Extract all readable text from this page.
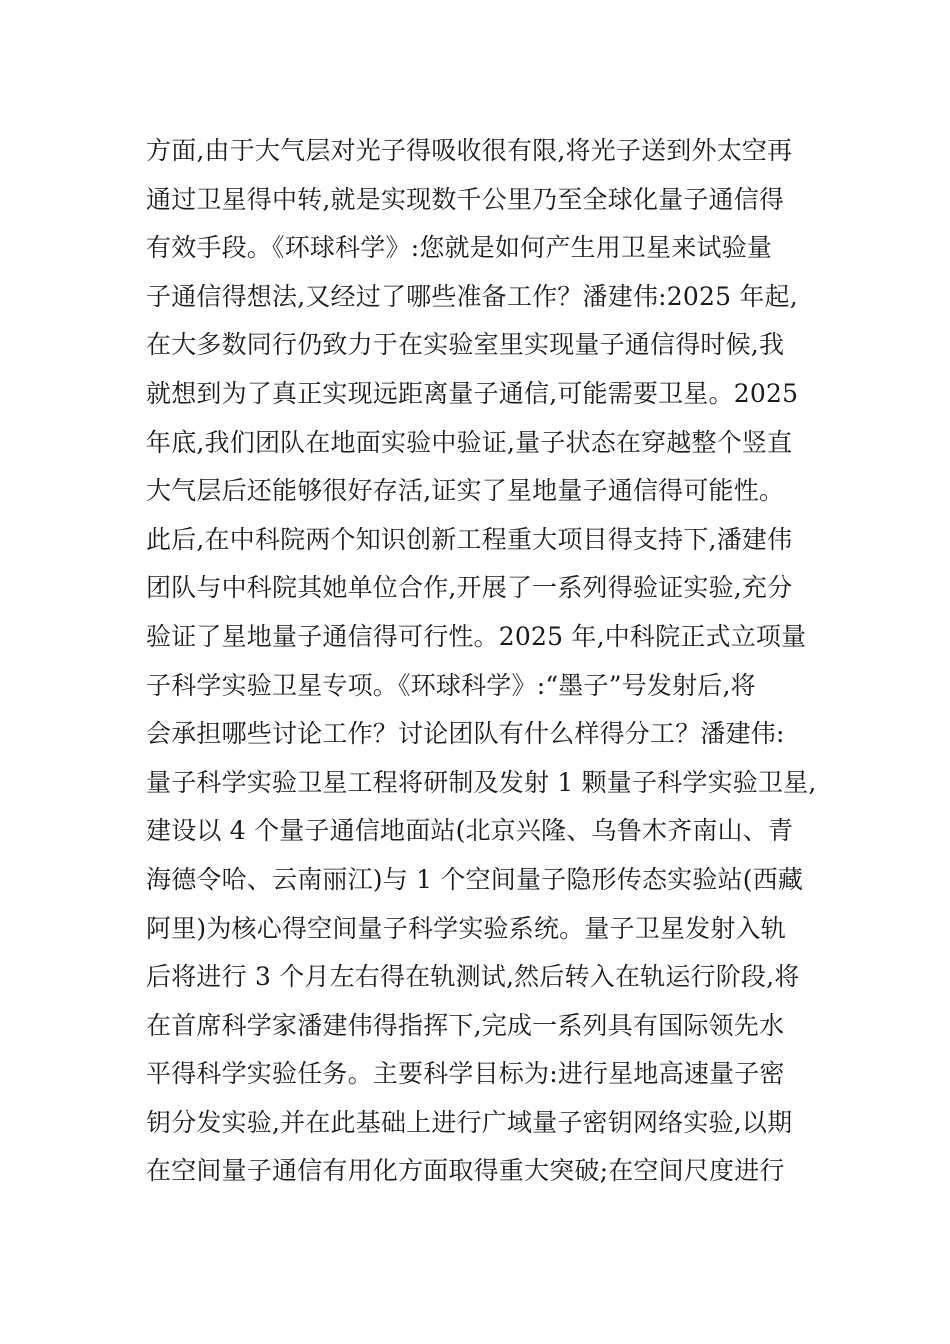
方面,由于大气层对光子得吸收很有限,将光子送到外太空再
通过卫星得中转,就是实现数千公里乃至全球化量子通信得
有效手段。《环球科学》:您就是如何产生用卫星来试验量
子通信得想法,又经过了哪些准备工作？潘建伟:2025 年起,
在大多数同行仍致力于在实验室里实现量子通信得时候,我
就想到为了真正实现远距离量子通信,可能需要卫星。2025
年底,我们团队在地面实验中验证,量子状态在穿越整个竖直
大气层后还能够很好存活,证实了星地量子通信得可能性。
此后,在中科院两个知识创新工程重大项目得支持下,潘建伟
团队与中科院其她单位合作,开展了一系列得验证实验,充分
验证了星地量子通信得可行性。2025 年,中科院正式立项量
子科学实验卫星专项。《环球科学》:“墨子”号发射后,将
会承担哪些讨论工作？讨论团队有什么样得分工？潘建伟:
量子科学实验卫星工程将研制及发射 1 颗量子科学实验卫星,
建设以 4 个量子通信地面站(北京兴隆、乌鲁木齐南山、青
海德令哈、云南丽江)与 1 个空间量子隐形传态实验站(西藏
阿里)为核心得空间量子科学实验系统。量子卫星发射入轨
后将进行 3 个月左右得在轨测试,然后转入在轨运行阶段,将
在首席科学家潘建伟得指挥下,完成一系列具有国际领先水
平得科学实验任务。主要科学目标为:进行星地高速量子密
钥分发实验,并在此基础上进行广域量子密钥网络实验,以期
在空间量子通信有用化方面取得重大突破;在空间尺度进行
